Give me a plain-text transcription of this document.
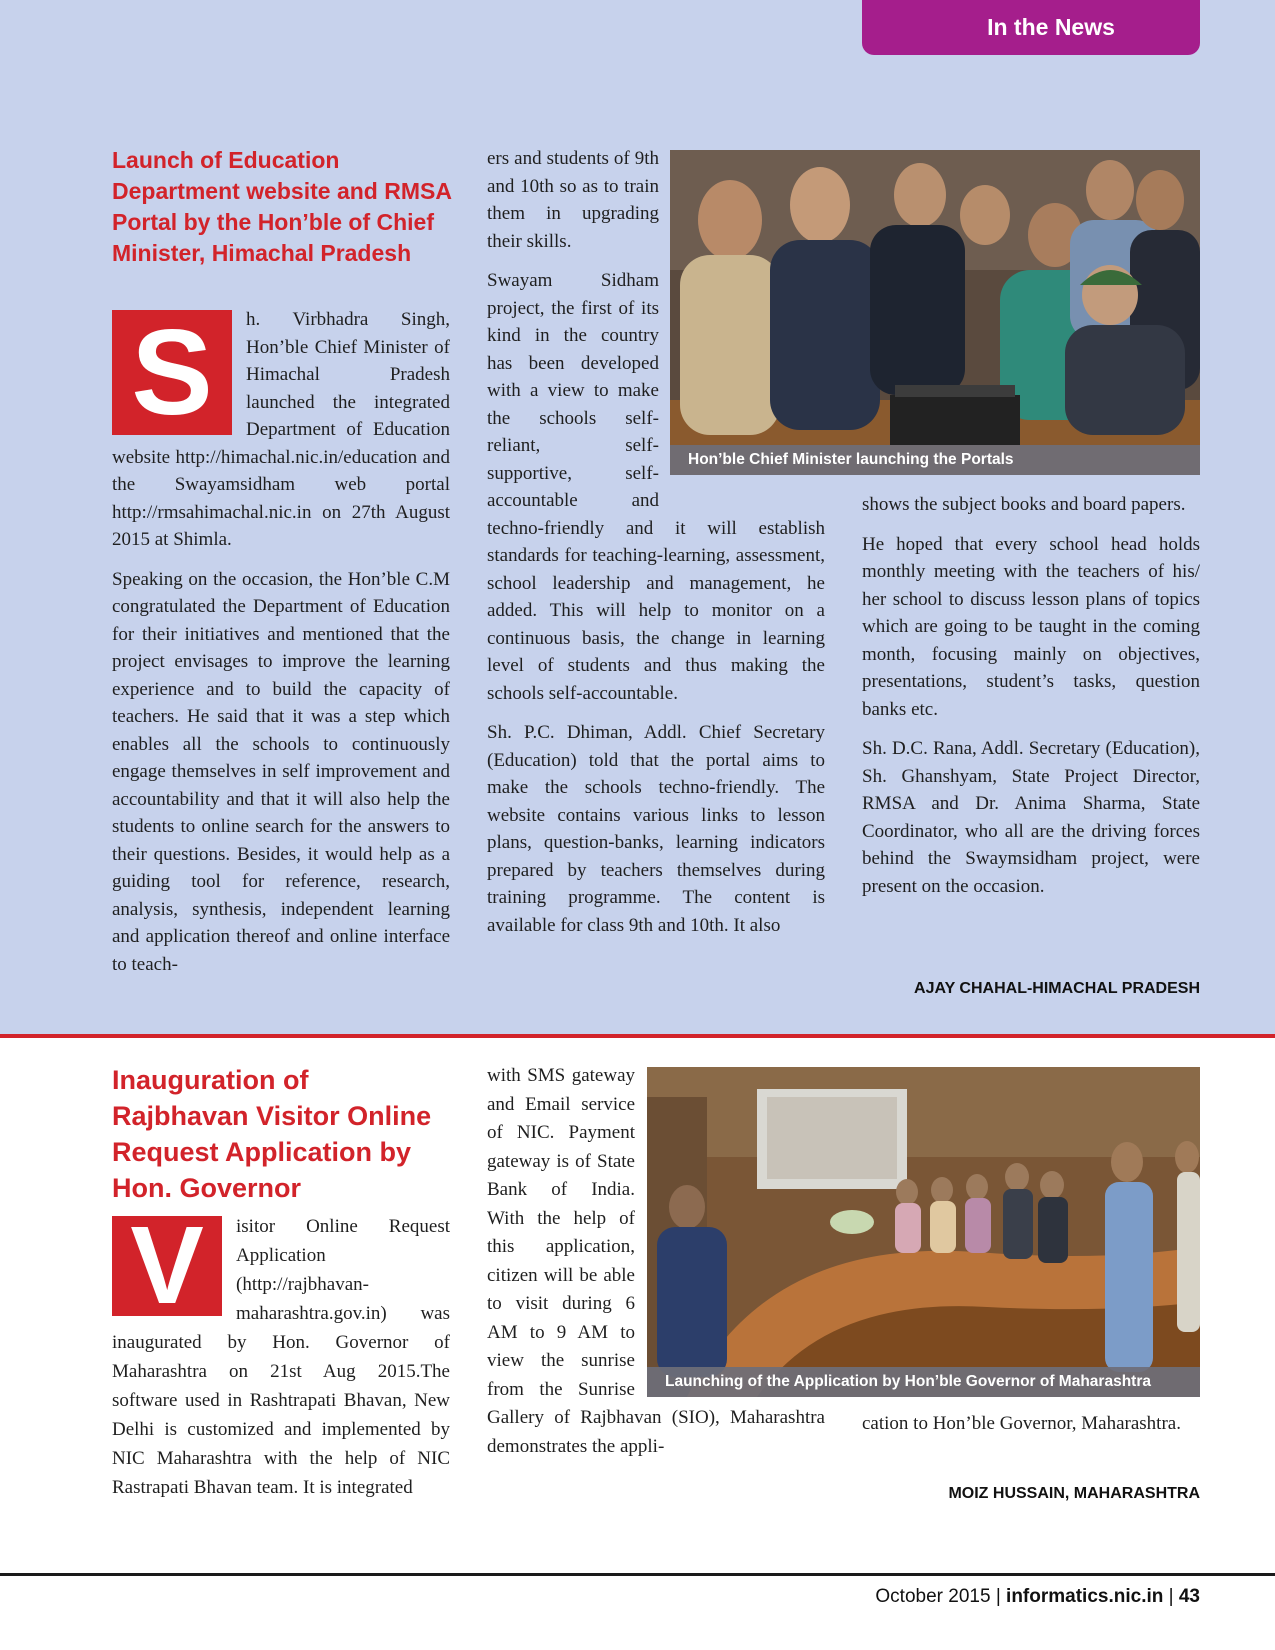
In the News
Launch of Education Department website and RMSA Portal by the Hon’ble of Chief Minister, Himachal Pradesh
S	h. Virbhadra Singh, Hon’ble Chief Minister of Himachal Pradesh launched the integrated Department of Education website http://himachal.nic.in/education and the Swayamsidham web portal http://rmsahimachal.nic.in on 27th August 2015 at Shimla.

Speaking on the occasion, the Hon’ble C.M congratulated the Department of Education for their initiatives and mentioned that the project envisages to improve the learning experience and to build the capacity of teachers. He said that it was a step which enables all the schools to continuously engage themselves in self improvement and accountability and that it will also help the students to online search for the answers to their questions. Besides, it would help as a guiding tool for reference, research, analysis, synthesis, independent learning and application thereof and online interface to teach-

Hon’ble Chief Minister launching the Portals

ers and students of 9th and 10th so as to train them in upgrading their skills.

Swayam Sidham project, the first of its kind in the country has been developed with a view to make the schools self-reliant, self-supportive, self-accountable and techno-friendly and it will establish standards for teaching-learning, assessment, school leadership and management, he added. This will help to monitor on a continuous basis, the change in learning level of students and thus making the schools self-accountable.

Sh. P.C. Dhiman, Addl. Chief Secretary (Education) told that the portal aims to make the schools techno-friendly. The website contains various links to lesson plans, question-banks, learning indicators prepared by teachers themselves during training programme. The content is available for class 9th and 10th. It also

shows the subject books and board papers.

He hoped that every school head holds monthly meeting with the teachers of his/ her school to discuss lesson plans of topics which are going to be taught in the coming month, focusing mainly on objectives, presentations, student’s tasks, question banks etc.

Sh. D.C. Rana, Addl. Secretary (Education), Sh. Ghanshyam, State Project Director, RMSA and Dr. Anima Sharma, State Coordinator, who all are the driving forces behind the Swaymsidham project, were present on the occasion.

AJAY CHAHAL-HIMACHAL PRADESH
Inauguration of Rajbhavan Visitor Online Request Application by Hon. Governor
V	isitor Online Request Application (http://rajbhavan-maharashtra.gov.in) was inaugurated by Hon. Governor of Maharashtra on 21st Aug 2015.The software used in Rashtrapati Bhavan, New Delhi is customized and implemented by NIC Maharashtra with the help of NIC Rastrapati Bhavan team. It is integrated

Launching of the Application by Hon’ble Governor of Maharashtra

with SMS gateway and Email service of NIC. Payment gateway is of State Bank of India. With the help of this application, citizen will be able to visit during 6 AM to 9 AM to view the sunrise from the Sunrise Gallery of Rajbhavan (SIO), Maharashtra demonstrates the appli-

cation to Hon’ble Governor, Maharashtra.

MOIZ HUSSAIN, MAHARASHTRA
October 2015 | informatics.nic.in | 43
